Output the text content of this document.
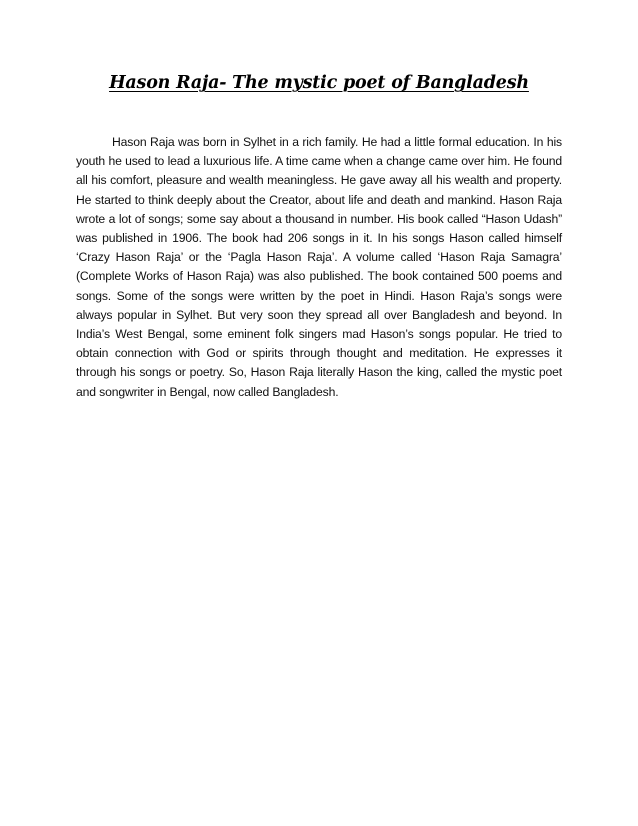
Hason Raja- The mystic poet of Bangladesh

Hason Raja was born in Sylhet in a rich family. He had a little formal education. In his youth he used to lead a luxurious life. A time came when a change came over him. He found all his comfort, pleasure and wealth meaningless. He gave away all his wealth and property. He started to think deeply about the Creator, about life and death and mankind. Hason Raja wrote a lot of songs; some say about a thousand in number. His book called “Hason Udash” was published in 1906. The book had 206 songs in it. In his songs Hason called himself ‘Crazy Hason Raja’ or the ‘Pagla Hason Raja’. A volume called ‘Hason Raja Samagra’ (Complete Works of Hason Raja) was also published. The book contained 500 poems and songs. Some of the songs were written by the poet in Hindi. Hason Raja’s songs were always popular in Sylhet. But very soon they spread all over Bangladesh and beyond. In India’s West Bengal, some eminent folk singers mad Hason’s songs popular. He tried to obtain connection with God or spirits through thought and meditation. He expresses it through his songs or poetry. So, Hason Raja literally Hason the king, called the mystic poet and songwriter in Bengal, now called Bangladesh.
